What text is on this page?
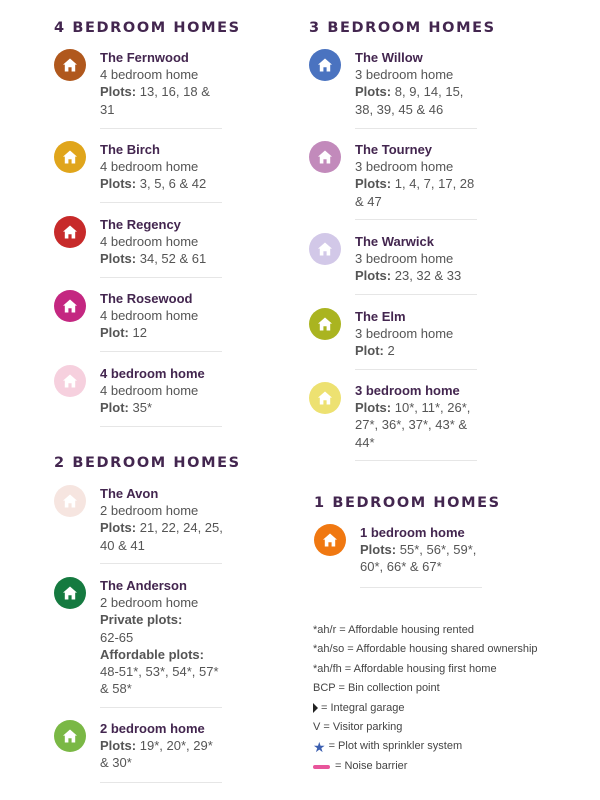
4 BEDROOM HOMES	3 BEDROOM HOMES
2 BEDROOM HOMES
1 BEDROOM HOMES
The Fernwood
4 bedroom home
Plots: 13, 16, 18 & 31
The Birch
4 bedroom home
Plots: 3, 5, 6 & 42
The Regency
4 bedroom home
Plots: 34, 52 & 61
The Rosewood
4 bedroom home
Plot: 12
4 bedroom home
4 bedroom home
Plot: 35*
The Willow
3 bedroom home
Plots: 8, 9, 14, 15, 38, 39, 45 & 46
The Tourney
3 bedroom home
Plots: 1, 4, 7, 17, 28 & 47
The Warwick
3 bedroom home
Plots: 23, 32 & 33
The Elm
3 bedroom home
Plot: 2
3 bedroom home
Plots: 10*, 11*, 26*, 27*, 36*, 37*, 43* & 44*
The Avon
2 bedroom home
Plots: 21, 22, 24, 25, 40 & 41
The Anderson
2 bedroom home
Private plots:
62-65
Affordable plots:
48-51*, 53*, 54*, 57* & 58*
2 bedroom home
Plots: 19*, 20*, 29* & 30*
1 bedroom home
Plots: 55*, 56*, 59*, 60*, 66* & 67*
*ah/r = Affordable housing rented
*ah/so = Affordable housing shared ownership
*ah/fh = Affordable housing first home
BCP = Bin collection point
= Integral garage
V = Visitor parking
★ = Plot with sprinkler system
= Noise barrier
